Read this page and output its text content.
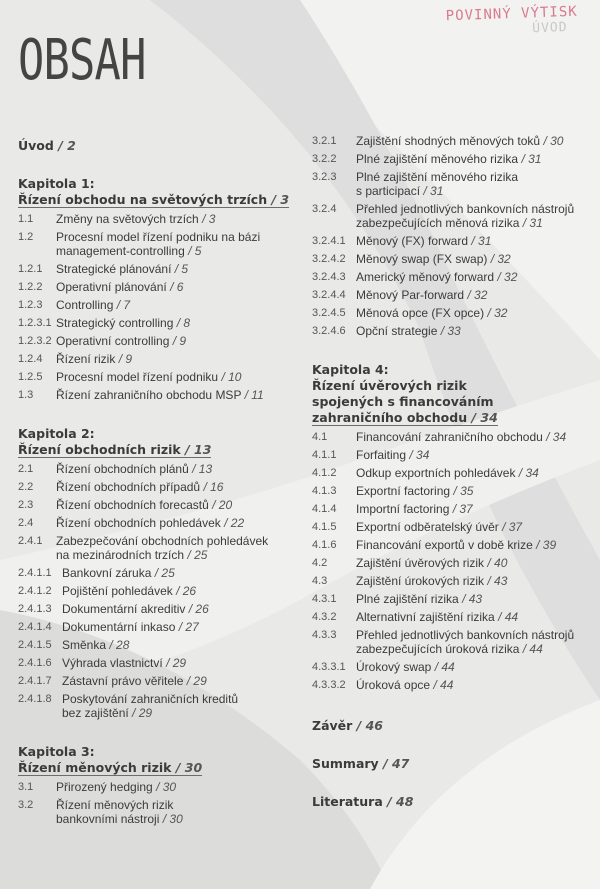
POVINNÝ VÝTISK
ÚVOD
OBSAH
Úvod / 2
Kapitola 1:
Řízení obchodu na světových trzích / 3
1.1	Změny na světových trzích / 3
1.2	Procesní model řízení podniku na bázi
management-controlling / 5
1.2.1	Strategické plánování / 5
1.2.2	Operativní plánování / 6
1.2.3	Controlling / 7
1.2.3.1 Strategický controlling / 8
1.2.3.2 Operativní controlling / 9
1.2.4	Řízení rizik / 9
1.2.5	Procesní model řízení podniku / 10
1.3	Řízení zahraničního obchodu MSP / 11
Kapitola 2:
Řízení obchodních rizik / 13
2.1	Řízení obchodních plánů / 13
2.2	Řízení obchodních případů / 16
2.3	Řízení obchodních forecastů / 20
2.4	Řízení obchodních pohledávek / 22
2.4.1	Zabezpečování obchodních pohledávek
na mezinárodních trzích / 25
2.4.1.1 Bankovní záruka / 25
2.4.1.2 Pojištění pohledávek / 26
2.4.1.3 Dokumentární akreditiv / 26
2.4.1.4 Dokumentární inkaso / 27
2.4.1.5 Směnka / 28
2.4.1.6 Výhrada vlastnictví / 29
2.4.1.7 Zástavní právo věřitele / 29
2.4.1.8 Poskytování zahraničních kreditů
bez zajištění / 29
Kapitola 3:
Řízení měnových rizik / 30
3.1	Přirozený hedging / 30
3.2	Řízení měnových rizik
bankovními nástroji / 30
3.2.1	Zajištění shodných měnových toků / 30
3.2.2	Plné zajištění měnového rizika / 31
3.2.3	Plné zajištění měnového rizika
s participací / 31
3.2.4	Přehled jednotlivých bankovních nástrojů
zabezpečujících měnová rizika / 31
3.2.4.1 Měnový (FX) forward / 31
3.2.4.2 Měnový swap (FX swap) / 32
3.2.4.3 Americký měnový forward / 32
3.2.4.4 Měnový Par-forward / 32
3.2.4.5 Měnová opce (FX opce) / 32
3.2.4.6 Opční strategie / 33
Kapitola 4:
Řízení úvěrových rizik
spojených s financováním
zahraničního obchodu / 34
4.1	Financování zahraničního obchodu / 34
4.1.1	Forfaiting / 34
4.1.2	Odkup exportních pohledávek / 34
4.1.3	Exportní factoring / 35
4.1.4	Importní factoring / 37
4.1.5	Exportní odběratelský úvěr / 37
4.1.6	Financování exportů v době krize / 39
4.2	Zajištění úvěrových rizik / 40
4.3	Zajištění úrokových rizik / 43
4.3.1	Plné zajištění rizika / 43
4.3.2	Alternativní zajištění rizika / 44
4.3.3	Přehled jednotlivých bankovních nástrojů
zabezpečujících úroková rizika / 44
4.3.3.1 Úrokový swap / 44
4.3.3.2 Úroková opce / 44
Závěr / 46
Summary / 47
Literatura / 48
